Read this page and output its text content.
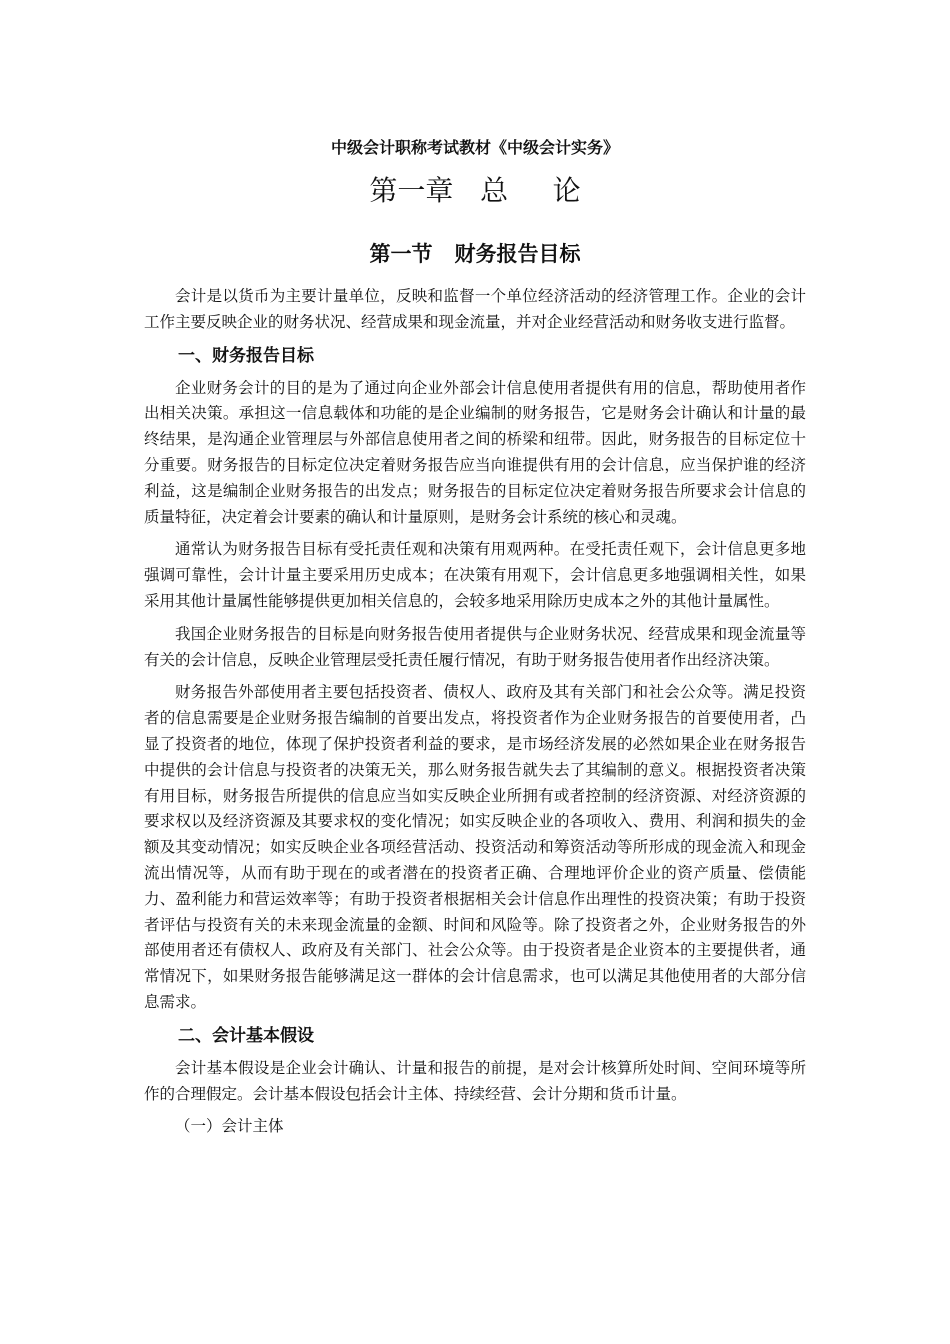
中级会计职称考试教材《中级会计实务》
第一章   总     论
第一节   财务报告目标

会计是以货币为主要计量单位，反映和监督一个单位经济活动的经济管理工作。企业的会计工作主要反映企业的财务状况、经营成果和现金流量，并对企业经营活动和财务收支进行监督。

一、财务报告目标

企业财务会计的目的是为了通过向企业外部会计信息使用者提供有用的信息，帮助使用者作出相关决策。承担这一信息载体和功能的是企业编制的财务报告，它是财务会计确认和计量的最终结果，是沟通企业管理层与外部信息使用者之间的桥梁和纽带。因此，财务报告的目标定位十分重要。财务报告的目标定位决定着财务报告应当向谁提供有用的会计信息，应当保护谁的经济利益，这是编制企业财务报告的出发点；财务报告的目标定位决定着财务报告所要求会计信息的质量特征，决定着会计要素的确认和计量原则，是财务会计系统的核心和灵魂。

通常认为财务报告目标有受托责任观和决策有用观两种。在受托责任观下，会计信息更多地强调可靠性，会计计量主要采用历史成本；在决策有用观下，会计信息更多地强调相关性，如果采用其他计量属性能够提供更加相关信息的，会较多地采用除历史成本之外的其他计量属性。

我国企业财务报告的目标是向财务报告使用者提供与企业财务状况、经营成果和现金流量等有关的会计信息，反映企业管理层受托责任履行情况，有助于财务报告使用者作出经济决策。

财务报告外部使用者主要包括投资者、债权人、政府及其有关部门和社会公众等。满足投资者的信息需要是企业财务报告编制的首要出发点，将投资者作为企业财务报告的首要使用者，凸显了投资者的地位，体现了保护投资者利益的要求，是市场经济发展的必然如果企业在财务报告中提供的会计信息与投资者的决策无关，那么财务报告就失去了其编制的意义。根据投资者决策有用目标，财务报告所提供的信息应当如实反映企业所拥有或者控制的经济资源、对经济资源的要求权以及经济资源及其要求权的变化情况；如实反映企业的各项收入、费用、利润和损失的金额及其变动情况；如实反映企业各项经营活动、投资活动和筹资活动等所形成的现金流入和现金流出情况等，从而有助于现在的或者潜在的投资者正确、合理地评价企业的资产质量、偿债能力、盈利能力和营运效率等；有助于投资者根据相关会计信息作出理性的投资决策；有助于投资者评估与投资有关的未来现金流量的金额、时间和风险等。除了投资者之外，企业财务报告的外部使用者还有债权人、政府及有关部门、社会公众等。由于投资者是企业资本的主要提供者，通常情况下，如果财务报告能够满足这一群体的会计信息需求，也可以满足其他使用者的大部分信息需求。

二、会计基本假设

会计基本假设是企业会计确认、计量和报告的前提，是对会计核算所处时间、空间环境等所作的合理假定。会计基本假设包括会计主体、持续经营、会计分期和货币计量。

（一）会计主体
